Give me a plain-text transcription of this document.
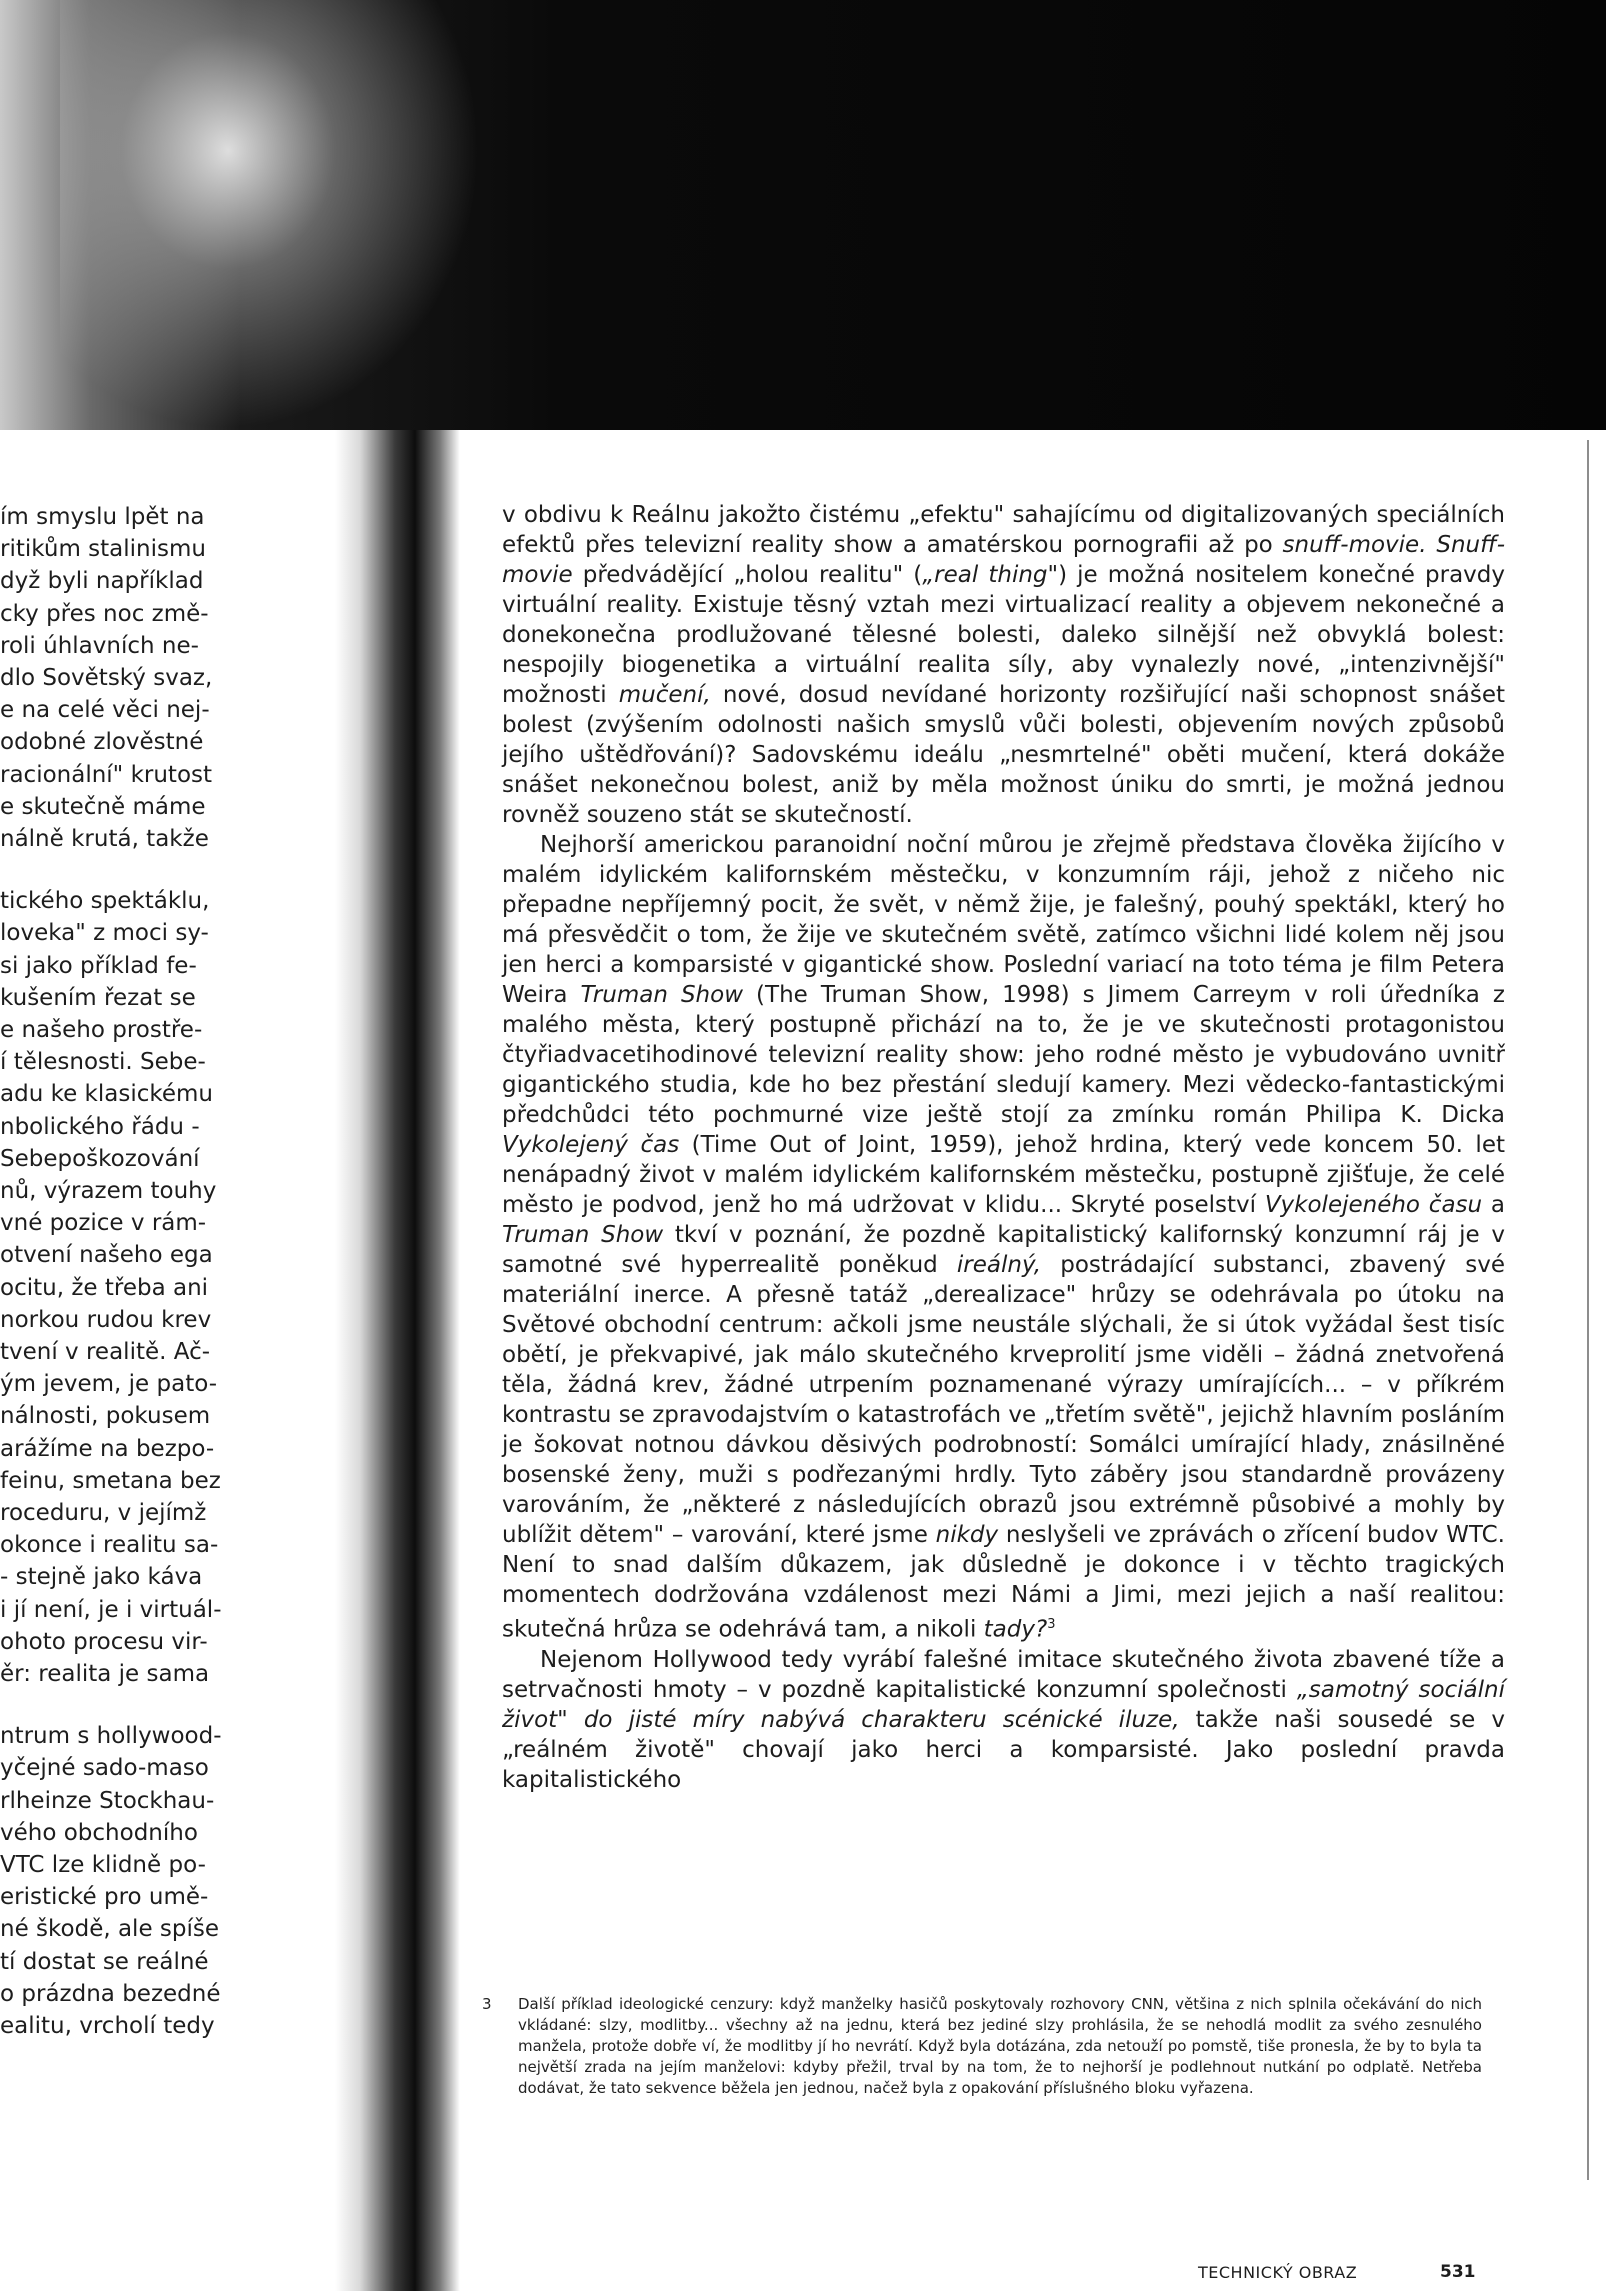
ím smyslu lpět na
ritikům stalinismu
dyž byli například
cky přes noc změ-
roli úhlavních ne-
dlo Sovětský svaz,
e na celé věci nej-
odobné zlověstné
racionální" krutost
e skutečně máme
nálně krutá, takže
tického spektáklu,
loveka" z moci sy-
si jako příklad fe-
kušením řezat se
e našeho prostře-
í tělesnosti. Sebe-
adu ke klasickému
nbolického řádu -
Sebepoškozování
nů, výrazem touhy
vné pozice v rám-
otvení našeho ega
ocitu, že třeba ani
norkou rudou krev
tvení v realitě. Ač-
ým jevem, je pato-
nálnosti, pokusem
arážíme na bezpo-
feinu, smetana bez
roceduru, v jejímž
okonce i realitu sa-
- stejně jako káva
i jí není, je i virtuál-
ohoto procesu vir-
ěr: realita je sama
ntrum s hollywood-
yčejné sado-maso
rlheinze Stockhau-
vého obchodního
VTC lze klidně po-
eristické pro umě-
né škodě, ale spíše
tí dostat se reálné
o prázdna bezedné
ealitu, vrcholí tedy

v obdivu k Reálnu jakožto čistému „efektu" sahajícímu od digitalizovaných speciálních efektů přes televizní reality show a amatérskou pornografii až po snuff-movie. Snuff-movie předvádějící „holou realitu" („real thing") je možná nositelem konečné pravdy virtuální reality. Existuje těsný vztah mezi virtualizací reality a objevem nekonečné a donekonečna prodlužované tělesné bolesti, daleko silnější než obvyklá bolest: nespojily biogenetika a virtuální realita síly, aby vynalezly nové, „intenzivnější" možnosti mučení, nové, dosud nevídané horizonty rozšiřující naši schopnost snášet bolest (zvýšením odolnosti našich smyslů vůči bolesti, objevením nových způsobů jejího uštědřování)? Sadovskému ideálu „nesmrtelné" oběti mučení, která dokáže snášet nekonečnou bolest, aniž by měla možnost úniku do smrti, je možná jednou rovněž souzeno stát se skutečností.

Nejhorší americkou paranoidní noční můrou je zřejmě představa člověka žijícího v malém idylickém kalifornském městečku, v konzumním ráji, jehož z ničeho nic přepadne nepříjemný pocit, že svět, v němž žije, je falešný, pouhý spektákl, který ho má přesvědčit o tom, že žije ve skutečném světě, zatímco všichni lidé kolem něj jsou jen herci a komparsisté v gigantické show. Poslední variací na toto téma je film Petera Weira Truman Show (The Truman Show, 1998) s Jimem Carreym v roli úředníka z malého města, který postupně přichází na to, že je ve skutečnosti protagonistou čtyřiadvacetihodinové televizní reality show: jeho rodné město je vybudováno uvnitř gigantického studia, kde ho bez přestání sledují kamery. Mezi vědecko-fantastickými předchůdci této pochmurné vize ještě stojí za zmínku román Philipa K. Dicka Vykolejený čas (Time Out of Joint, 1959), jehož hrdina, který vede koncem 50. let nenápadný život v malém idylickém kalifornském městečku, postupně zjišťuje, že celé město je podvod, jenž ho má udržovat v klidu... Skryté poselství Vykolejeného času a Truman Show tkví v poznání, že pozdně kapitalistický kalifornský konzumní ráj je v samotné své hyperrealitě poněkud ireálný, postrádající substanci, zbavený své materiální inerce. A přesně tatáž „derealizace" hrůzy se odehrávala po útoku na Světové obchodní centrum: ačkoli jsme neustále slýchali, že si útok vyžádal šest tisíc obětí, je překvapivé, jak málo skutečného krveprolití jsme viděli – žádná znetvořená těla, žádná krev, žádné utrpením poznamenané výrazy umírajících... – v příkrém kontrastu se zpravodajstvím o katastrofách ve „třetím světě", jejichž hlavním posláním je šokovat notnou dávkou děsivých podrobností: Somálci umírající hlady, znásilněné bosenské ženy, muži s podřezanými hrdly. Tyto záběry jsou standardně provázeny varováním, že „některé z následujících obrazů jsou extrémně působivé a mohly by ublížit dětem" – varování, které jsme nikdy neslyšeli ve zprávách o zřícení budov WTC. Není to snad dalším důkazem, jak důsledně je dokonce i v těchto tragických momentech dodržována vzdálenost mezi Námi a Jimi, mezi jejich a naší realitou: skutečná hrůza se odehrává tam, a nikoli tady?$^3$

Nejenom Hollywood tedy vyrábí falešné imitace skutečného života zbavené tíže a setrvačnosti hmoty – v pozdně kapitalistické konzumní společnosti „samotný sociální život" do jisté míry nabývá charakteru scénické iluze, takže naši sousedé se v „reálném životě" chovají jako herci a komparsisté. Jako poslední pravda kapitalistického

3 Další příklad ideologické cenzury: když manželky hasičů poskytovaly rozhovory CNN, většina z nich splnila očekávání do nich vkládané: slzy, modlitby... všechny až na jednu, která bez jediné slzy prohlásila, že se nehodlá modlit za svého zesnulého manžela, protože dobře ví, že modlitby jí ho nevrátí. Když byla dotázána, zda netouží po pomstě, tiše pronesla, že by to byla ta největší zrada na jejím manželovi: kdyby přežil, trval by na tom, že to nejhorší je podlehnout nutkání po odplatě. Netřeba dodávat, že tato sekvence běžela jen jednou, načež byla z opakování příslušného bloku vyřazena.

TECHNICKÝ OBRAZ	531
